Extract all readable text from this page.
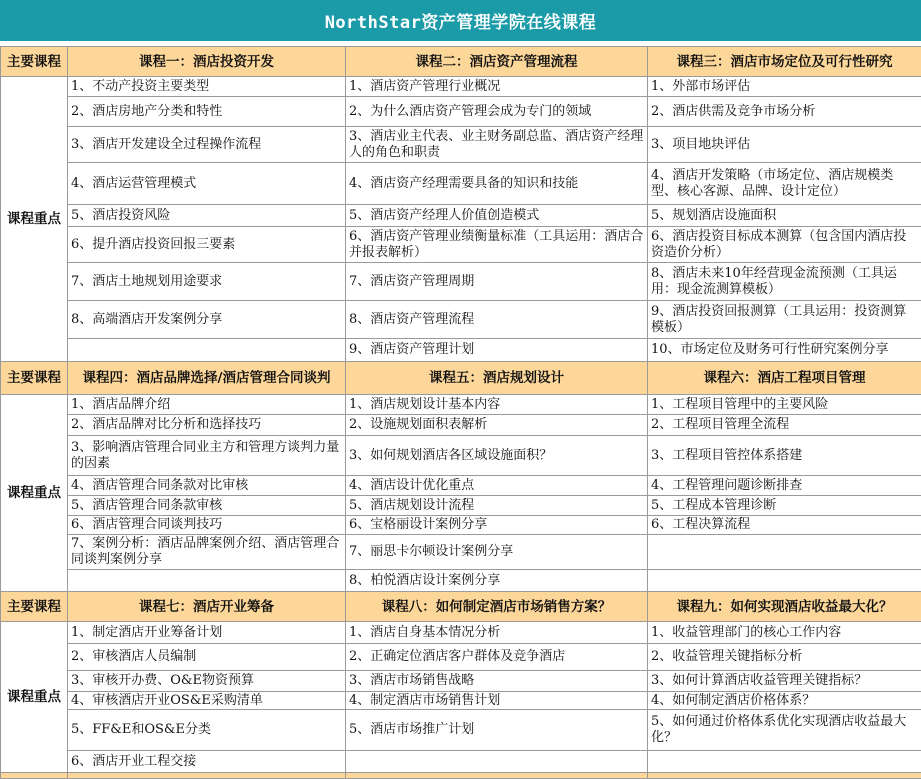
NorthStar资产管理学院在线课程
主要课程	课程一：酒店投资开发	课程二：酒店资产管理流程	课程三：酒店市场定位及可行性研究
课程重点	1、不动产投资主要类型	1、酒店资产管理行业概况	1、外部市场评估
	2、酒店房地产分类和特性	2、为什么酒店资产管理会成为专门的领域	2、酒店供需及竞争市场分析
	3、酒店开发建设全过程操作流程	3、酒店业主代表、业主财务副总监、酒店资产经理人的角色和职责	3、项目地块评估
	4、酒店运营管理模式	4、酒店资产经理需要具备的知识和技能	4、酒店开发策略（市场定位、酒店规模类型、核心客源、品牌、设计定位）
	5、酒店投资风险	5、酒店资产经理人价值创造模式	5、规划酒店设施面积
	6、提升酒店投资回报三要素	6、酒店资产管理业绩衡量标准（工具运用：酒店合并报表解析）	6、酒店投资目标成本测算（包含国内酒店投资造价分析）
	7、酒店土地规划用途要求	7、酒店资产管理周期	8、酒店未来10年经营现金流预测（工具运用：现金流测算模板）
	8、高端酒店开发案例分享	8、酒店资产管理流程	9、酒店投资回报测算（工具运用：投资测算模板）
		9、酒店资产管理计划	10、市场定位及财务可行性研究案例分享
主要课程	课程四：酒店品牌选择/酒店管理合同谈判	课程五：酒店规划设计	课程六：酒店工程项目管理
课程重点	1、酒店品牌介绍	1、酒店规划设计基本内容	1、工程项目管理中的主要风险
	2、酒店品牌对比分析和选择技巧	2、设施规划面积表解析	2、工程项目管理全流程
	3、影响酒店管理合同业主方和管理方谈判力量的因素	3、如何规划酒店各区域设施面积？	3、工程项目管控体系搭建
	4、酒店管理合同条款对比审核	4、酒店设计优化重点	4、工程管理问题诊断排查
	5、酒店管理合同条款审核	5、酒店规划设计流程	5、工程成本管理诊断
	6、酒店管理合同谈判技巧	6、宝格丽设计案例分享	6、工程决算流程
	7、案例分析：酒店品牌案例介绍、酒店管理合同谈判案例分享	7、丽思卡尔顿设计案例分享	
		8、柏悦酒店设计案例分享	
主要课程	课程七：酒店开业筹备	课程八：如何制定酒店市场销售方案？	课程九：如何实现酒店收益最大化？
课程重点	1、制定酒店开业筹备计划	1、酒店自身基本情况分析	1、收益管理部门的核心工作内容
	2、审核酒店人员编制	2、正确定位酒店客户群体及竞争酒店	2、收益管理关键指标分析
	3、审核开办费、O&E物资预算	3、酒店市场销售战略	3、如何计算酒店收益管理关键指标？
	4、审核酒店开业OS&E采购清单	4、制定酒店市场销售计划	4、如何制定酒店价格体系？
	5、FF&E和OS&E分类	5、酒店市场推广计划	5、如何通过价格体系优化实现酒店收益最大化？
	6、酒店开业工程交接		
